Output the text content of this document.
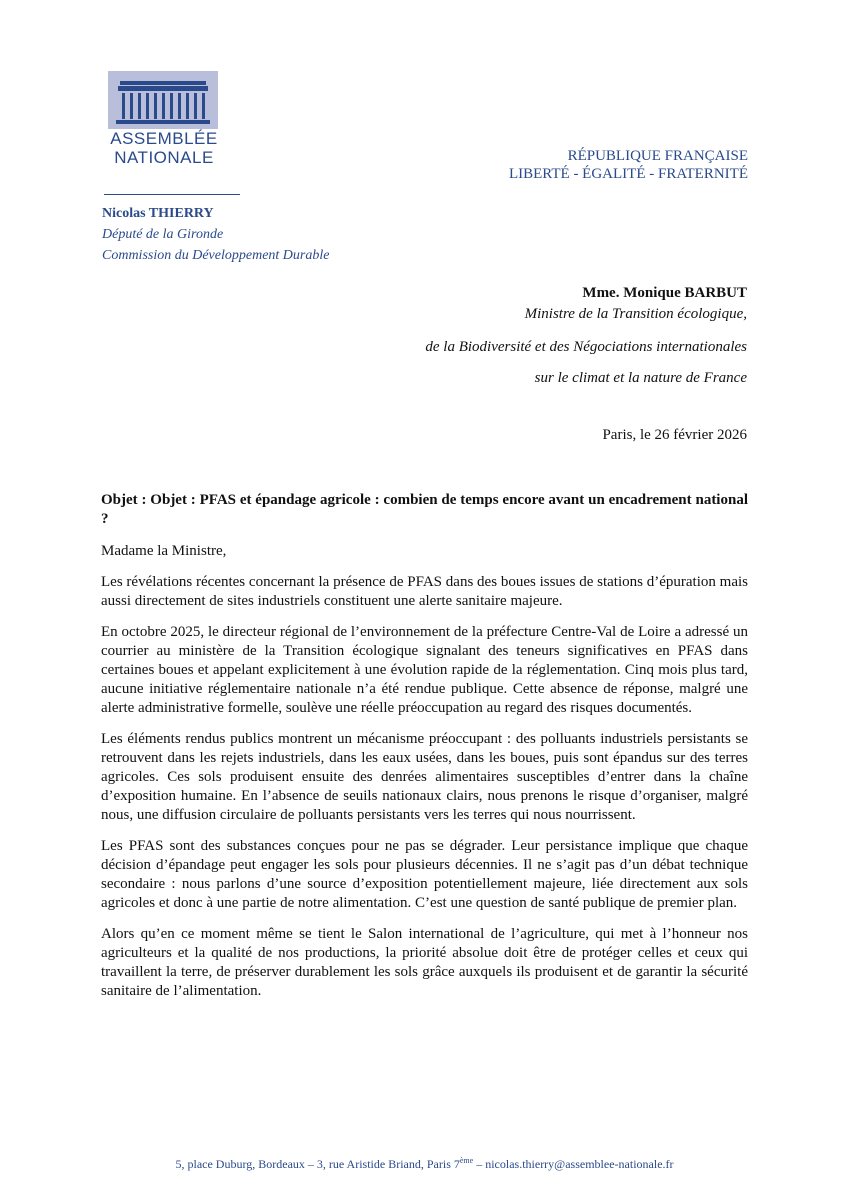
ASSEMBLÉE
NATIONALE
Nicolas THIERRY
Député de la Gironde
Commission du Développement Durable
RÉPUBLIQUE FRANÇAISE
LIBERTÉ - ÉGALITÉ - FRATERNITÉ
Mme. Monique BARBUT
Ministre de la Transition écologique,
de la Biodiversité et des Négociations internationales
sur le climat et la nature de France
Paris, le 26 février 2026

Objet : Objet : PFAS et épandage agricole : combien de temps encore avant un encadrement national ?

Madame la Ministre,

Les révélations récentes concernant la présence de PFAS dans des boues issues de stations d’épuration mais aussi directement de sites industriels constituent une alerte sanitaire majeure.

En octobre 2025, le directeur régional de l’environnement de la préfecture Centre-Val de Loire a adressé un courrier au ministère de la Transition écologique signalant des teneurs significatives en PFAS dans certaines boues et appelant explicitement à une évolution rapide de la réglementation. Cinq mois plus tard, aucune initiative réglementaire nationale n’a été rendue publique. Cette absence de réponse, malgré une alerte administrative formelle, soulève une réelle préoccupation au regard des risques documentés.

Les éléments rendus publics montrent un mécanisme préoccupant : des polluants industriels persistants se retrouvent dans les rejets industriels, dans les eaux usées, dans les boues, puis sont épandus sur des terres agricoles. Ces sols produisent ensuite des denrées alimentaires susceptibles d’entrer dans la chaîne d’exposition humaine. En l’absence de seuils nationaux clairs, nous prenons le risque d’organiser, malgré nous, une diffusion circulaire de polluants persistants vers les terres qui nous nourrissent.

Les PFAS sont des substances conçues pour ne pas se dégrader. Leur persistance implique que chaque décision d’épandage peut engager les sols pour plusieurs décennies. Il ne s’agit pas d’un débat technique secondaire : nous parlons d’une source d’exposition potentiellement majeure, liée directement aux sols agricoles et donc à une partie de notre alimentation. C’est une question de santé publique de premier plan.

Alors qu’en ce moment même se tient le Salon international de l’agriculture, qui met à l’honneur nos agriculteurs et la qualité de nos productions, la priorité absolue doit être de protéger celles et ceux qui travaillent la terre, de préserver durablement les sols grâce auxquels ils produisent et de garantir la sécurité sanitaire de l’alimentation.

5, place Duburg, Bordeaux – 3, rue Aristide Briand, Paris 7ème – nicolas.thierry@assemblee-nationale.fr
